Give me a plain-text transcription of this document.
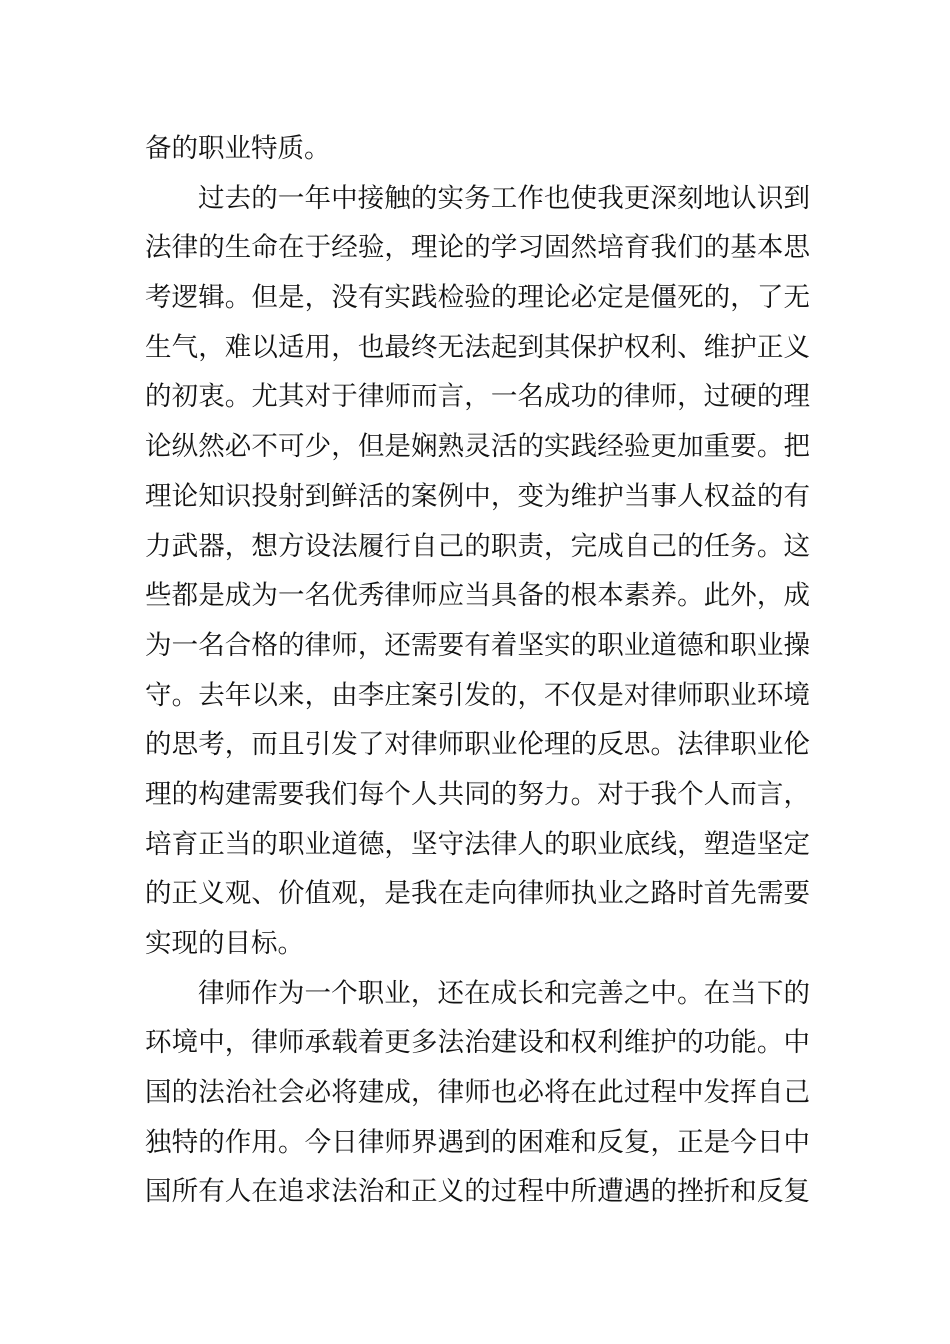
备的职业特质。
过去的一年中接触的实务工作也使我更深刻地认识到
法律的生命在于经验，理论的学习固然培育我们的基本思
考逻辑。但是，没有实践检验的理论必定是僵死的，了无
生气，难以适用，也最终无法起到其保护权利、维护正义
的初衷。尤其对于律师而言，一名成功的律师，过硬的理
论纵然必不可少，但是娴熟灵活的实践经验更加重要。把
理论知识投射到鲜活的案例中，变为维护当事人权益的有
力武器，想方设法履行自己的职责，完成自己的任务。这
些都是成为一名优秀律师应当具备的根本素养。此外，成
为一名合格的律师，还需要有着坚实的职业道德和职业操
守。去年以来，由李庄案引发的，不仅是对律师职业环境
的思考，而且引发了对律师职业伦理的反思。法律职业伦
理的构建需要我们每个人共同的努力。对于我个人而言，
培育正当的职业道德，坚守法律人的职业底线，塑造坚定
的正义观、价值观，是我在走向律师执业之路时首先需要
实现的目标。
律师作为一个职业，还在成长和完善之中。在当下的
环境中，律师承载着更多法治建设和权利维护的功能。中
国的法治社会必将建成，律师也必将在此过程中发挥自己
独特的作用。今日律师界遇到的困难和反复，正是今日中
国所有人在追求法治和正义的过程中所遭遇的挫折和反复
